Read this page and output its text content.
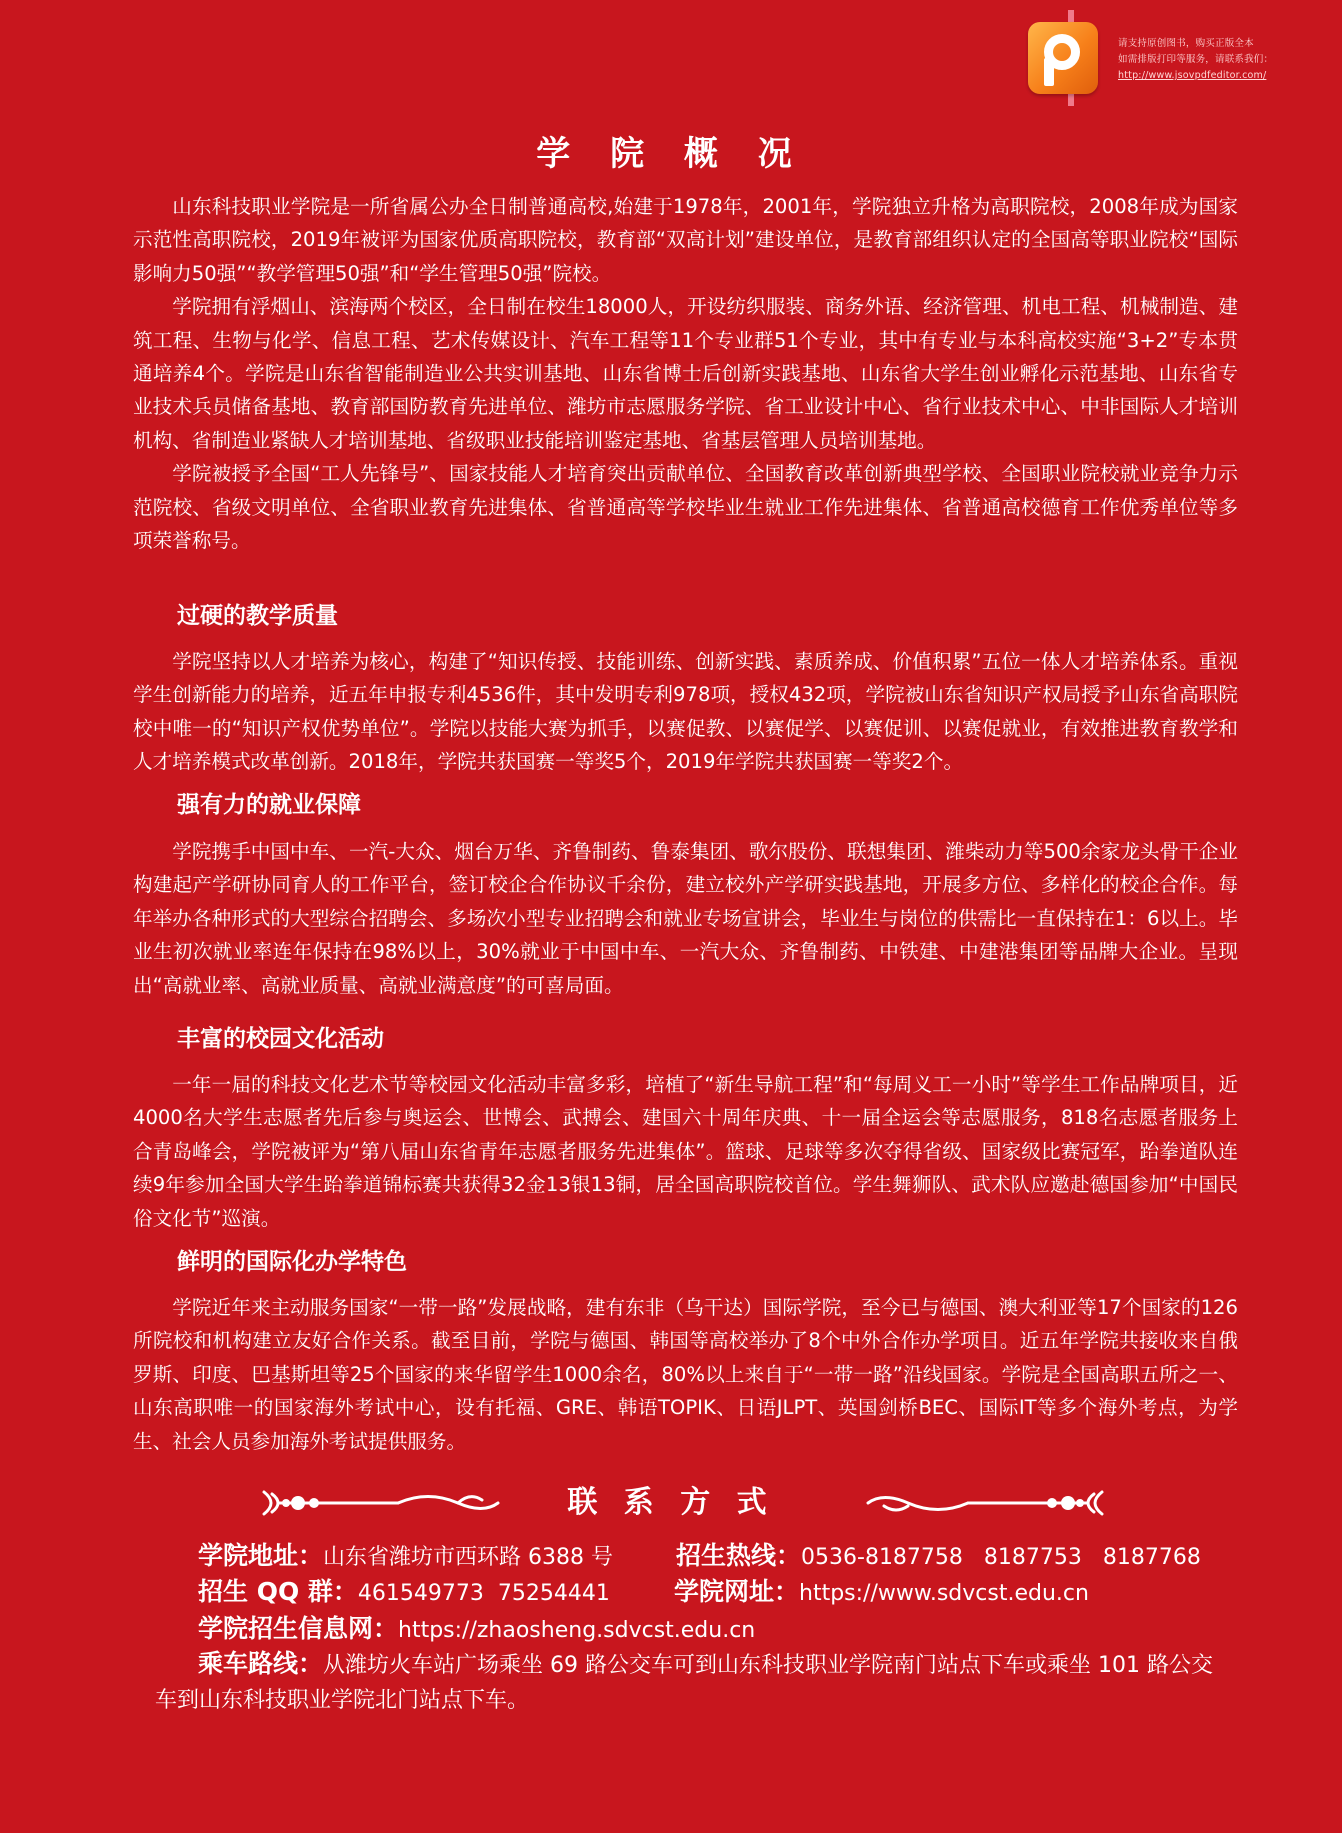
请支持原创图书，购买正版全本
如需排版打印等服务，请联系我们：
http://www.jsovpdfeditor.com/
学 院 概 况

山东科技职业学院是一所省属公办全日制普通高校,始建于1978年，2001年，学院独立升格为高职院校，2008年成为国家示范性高职院校，2019年被评为国家优质高职院校，教育部“双高计划”建设单位，是教育部组织认定的全国高等职业院校“国际影响力50强”“教学管理50强”和“学生管理50强”院校。

学院拥有浮烟山、滨海两个校区，全日制在校生18000人，开设纺织服装、商务外语、经济管理、机电工程、机械制造、建筑工程、生物与化学、信息工程、艺术传媒设计、汽车工程等11个专业群51个专业，其中有专业与本科高校实施“3+2”专本贯通培养4个。学院是山东省智能制造业公共实训基地、山东省博士后创新实践基地、山东省大学生创业孵化示范基地、山东省专业技术兵员储备基地、教育部国防教育先进单位、潍坊市志愿服务学院、省工业设计中心、省行业技术中心、中非国际人才培训机构、省制造业紧缺人才培训基地、省级职业技能培训鉴定基地、省基层管理人员培训基地。

学院被授予全国“工人先锋号”、国家技能人才培育突出贡献单位、全国教育改革创新典型学校、全国职业院校就业竞争力示范院校、省级文明单位、全省职业教育先进集体、省普通高等学校毕业生就业工作先进集体、省普通高校德育工作优秀单位等多项荣誉称号。

过硬的教学质量

学院坚持以人才培养为核心，构建了“知识传授、技能训练、创新实践、素质养成、价值积累”五位一体人才培养体系。重视学生创新能力的培养，近五年申报专利4536件，其中发明专利978项，授权432项，学院被山东省知识产权局授予山东省高职院校中唯一的“知识产权优势单位”。学院以技能大赛为抓手，以赛促教、以赛促学、以赛促训、以赛促就业，有效推进教育教学和人才培养模式改革创新。2018年，学院共获国赛一等奖5个，2019年学院共获国赛一等奖2个。

强有力的就业保障

学院携手中国中车、一汽-大众、烟台万华、齐鲁制药、鲁泰集团、歌尔股份、联想集团、潍柴动力等500余家龙头骨干企业构建起产学研协同育人的工作平台，签订校企合作协议千余份，建立校外产学研实践基地，开展多方位、多样化的校企合作。每年举办各种形式的大型综合招聘会、多场次小型专业招聘会和就业专场宣讲会，毕业生与岗位的供需比一直保持在1：6以上。毕业生初次就业率连年保持在98%以上，30%就业于中国中车、一汽大众、齐鲁制药、中铁建、中建港集团等品牌大企业。呈现出“高就业率、高就业质量、高就业满意度”的可喜局面。

丰富的校园文化活动

一年一届的科技文化艺术节等校园文化活动丰富多彩，培植了“新生导航工程”和“每周义工一小时”等学生工作品牌项目，近4000名大学生志愿者先后参与奥运会、世博会、武搏会、建国六十周年庆典、十一届全运会等志愿服务，818名志愿者服务上合青岛峰会，学院被评为“第八届山东省青年志愿者服务先进集体”。篮球、足球等多次夺得省级、国家级比赛冠军，跆拳道队连续9年参加全国大学生跆拳道锦标赛共获得32金13银13铜，居全国高职院校首位。学生舞狮队、武术队应邀赴德国参加“中国民俗文化节”巡演。

鲜明的国际化办学特色

学院近年来主动服务国家“一带一路”发展战略，建有东非（乌干达）国际学院，至今已与德国、澳大利亚等17个国家的126所院校和机构建立友好合作关系。截至目前，学院与德国、韩国等高校举办了8个中外合作办学项目。近五年学院共接收来自俄罗斯、印度、巴基斯坦等25个国家的来华留学生1000余名，80%以上来自于“一带一路”沿线国家。学院是全国高职五所之一、山东高职唯一的国家海外考试中心，设有托福、GRE、韩语TOPIK、日语JLPT、英国剑桥BEC、国际IT等多个海外考点，为学生、社会人员参加海外考试提供服务。

联 系 方 式
学院地址：山东省潍坊市西环路 6388 号	招生热线：0536-8187758   8187753   8187768
招生 QQ 群：461549773  75254441	学院网址：https://www.sdvcst.edu.cn
学院招生信息网：https://zhaosheng.sdvcst.edu.cn
乘车路线：从潍坊火车站广场乘坐 69 路公交车可到山东科技职业学院南门站点下车或乘坐 101 路公交车到山东科技职业学院北门站点下车。
